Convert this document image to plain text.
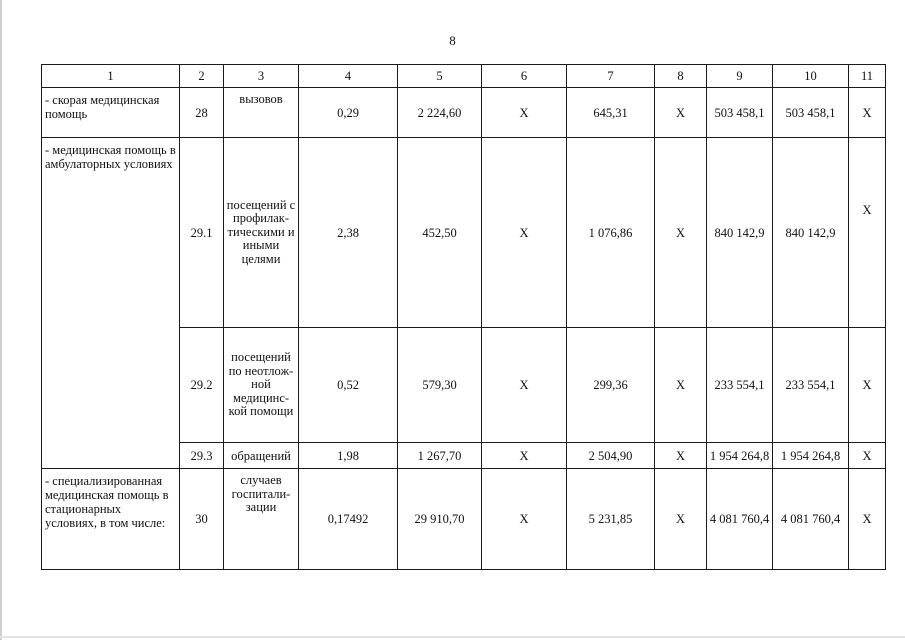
8
1	2	3	4	5	6	7	8	9	10	11
- скорая медицинская помощь	28	вызовов	0,29	2 224,60	Х	645,31	Х	503 458,1	503 458,1	Х
- медицинская помощь в амбулаторных условиях	29.1	посещений с профилак-тическими и иными целями	2,38	452,50	Х	1 076,86	Х	840 142,9	840 142,9	Х
	29.2	посещений по неотлож-ной медицинс-кой помощи	0,52	579,30	Х	299,36	Х	233 554,1	233 554,1	Х
	29.3	обращений	1,98	1 267,70	Х	2 504,90	Х	1 954 264,8	1 954 264,8	Х
- специализированная медицинская помощь в стационарных условиях, в том числе:	30	случаев госпитали-зации	0,17492	29 910,70	Х	5 231,85	Х	4 081 760,4	4 081 760,4	Х
